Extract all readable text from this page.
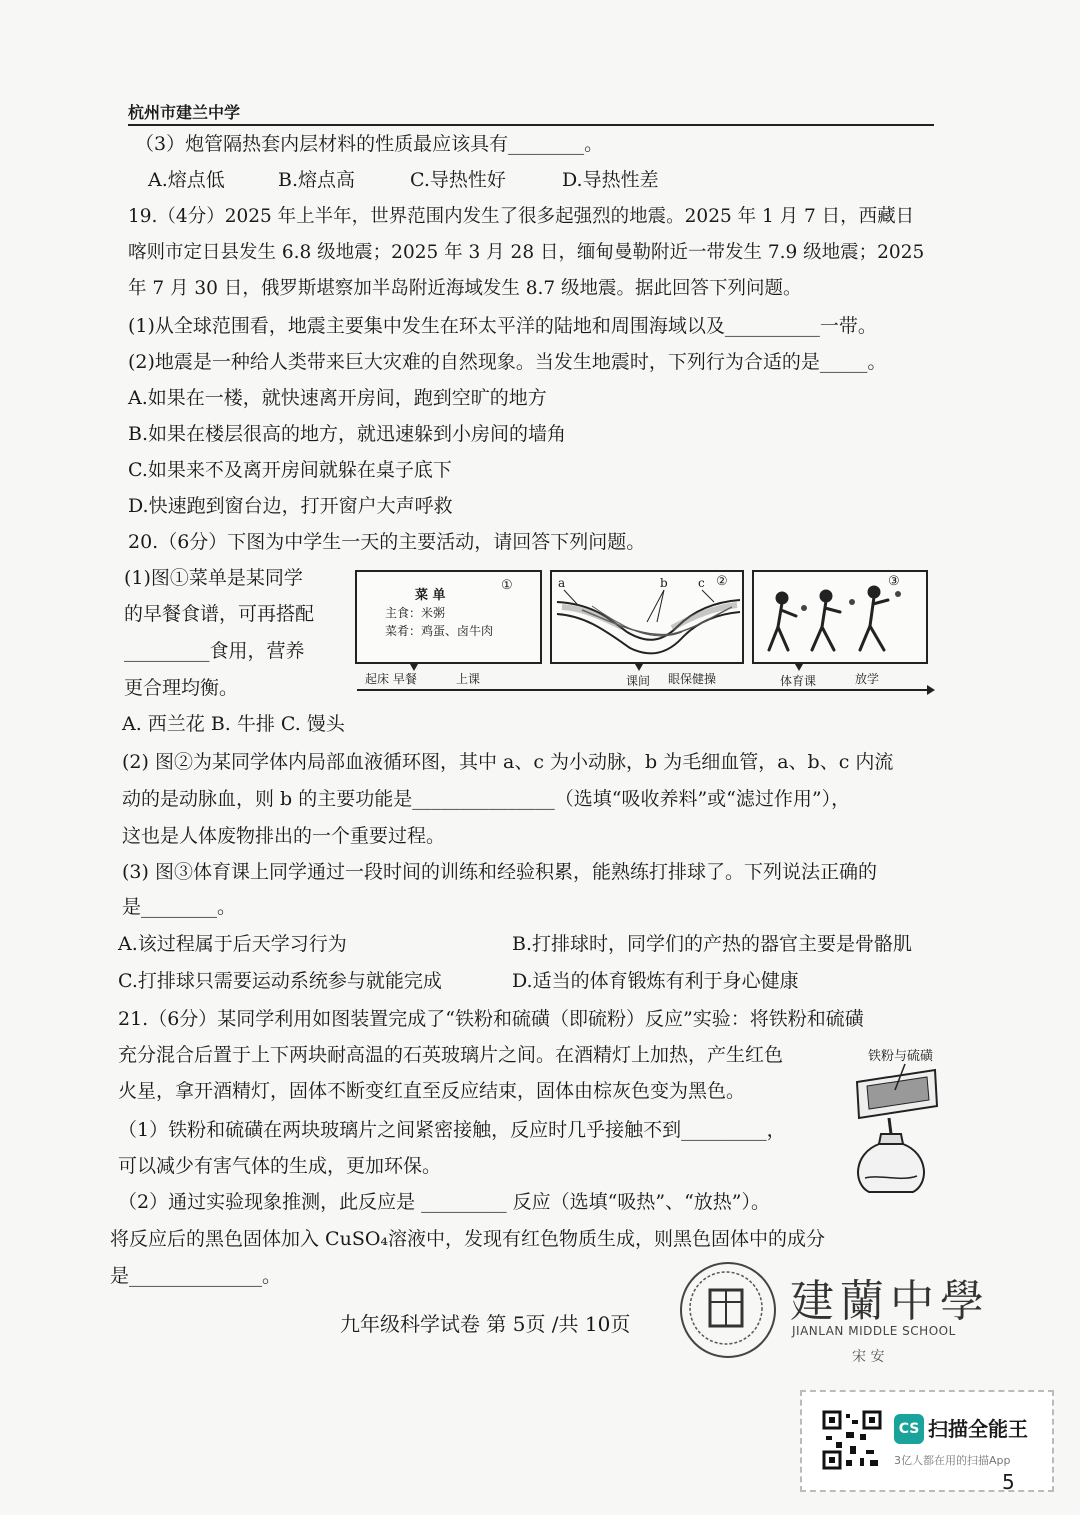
杭州市建兰中学
（3）炮管隔热套内层材料的性质最应该具有________。
A.熔点低	B.熔点高	C.导热性好	D.导热性差
19.（4分）2025 年上半年，世界范围内发生了很多起强烈的地震。2025 年 1 月 7 日，西藏日
喀则市定日县发生 6.8 级地震；2025 年 3 月 28 日，缅甸曼勒附近一带发生 7.9 级地震；2025
年 7 月 30 日，俄罗斯堪察加半岛附近海域发生 8.7 级地震。据此回答下列问题。
(1)从全球范围看，地震主要集中发生在环太平洋的陆地和周围海域以及__________一带。
(2)地震是一种给人类带来巨大灾难的自然现象。当发生地震时，下列行为合适的是_____。
A.如果在一楼，就快速离开房间，跑到空旷的地方
B.如果在楼层很高的地方，就迅速躲到小房间的墙角
C.如果来不及离开房间就躲在桌子底下
D.快速跑到窗台边，打开窗户大声呼救
20.（6分）下图为中学生一天的主要活动，请回答下列问题。
(1)图①菜单是某同学
的早餐食谱，可再搭配
_________食用，营养
更合理均衡。
菜 单
主食：米粥
菜肴：鸡蛋、卤牛肉
①	a	b	c ②	③
起床 早餐	上课	课间 眼保健操	体育课	放学
A. 西兰花 B. 牛排 C. 馒头
(2) 图②为某同学体内局部血液循环图，其中 a、c 为小动脉，b 为毛细血管，a、b、c 内流
动的是动脉血，则 b 的主要功能是_______________（选填“吸收养料”或“滤过作用”），
这也是人体废物排出的一个重要过程。
(3) 图③体育课上同学通过一段时间的训练和经验积累，能熟练打排球了。下列说法正确的
是________。
A.该过程属于后天学习行为	B.打排球时，同学们的产热的器官主要是骨骼肌
C.打排球只需要运动系统参与就能完成	D.适当的体育锻炼有利于身心健康
21.（6分）某同学利用如图装置完成了“铁粉和硫磺（即硫粉）反应”实验：将铁粉和硫磺
充分混合后置于上下两块耐高温的石英玻璃片之间。在酒精灯上加热，产生红色
火星，拿开酒精灯，固体不断变红直至反应结束，固体由棕灰色变为黑色。
（1）铁粉和硫磺在两块玻璃片之间紧密接触，反应时几乎接触不到_________，
可以减少有害气体的生成，更加环保。
（2）通过实验现象推测，此反应是 _________ 反应（选填“吸热”、“放热”）。
将反应后的黑色固体加入 CuSO₄溶液中，发现有红色物质生成，则黑色固体中的成分
是______________。
铁粉与硫磺
九年级科学试卷 第 5页 /共 10页	建蘭中學
JIANLAN MIDDLE SCHOOL
宋 安
CS 扫描全能王
3亿人都在用的扫描App
5
